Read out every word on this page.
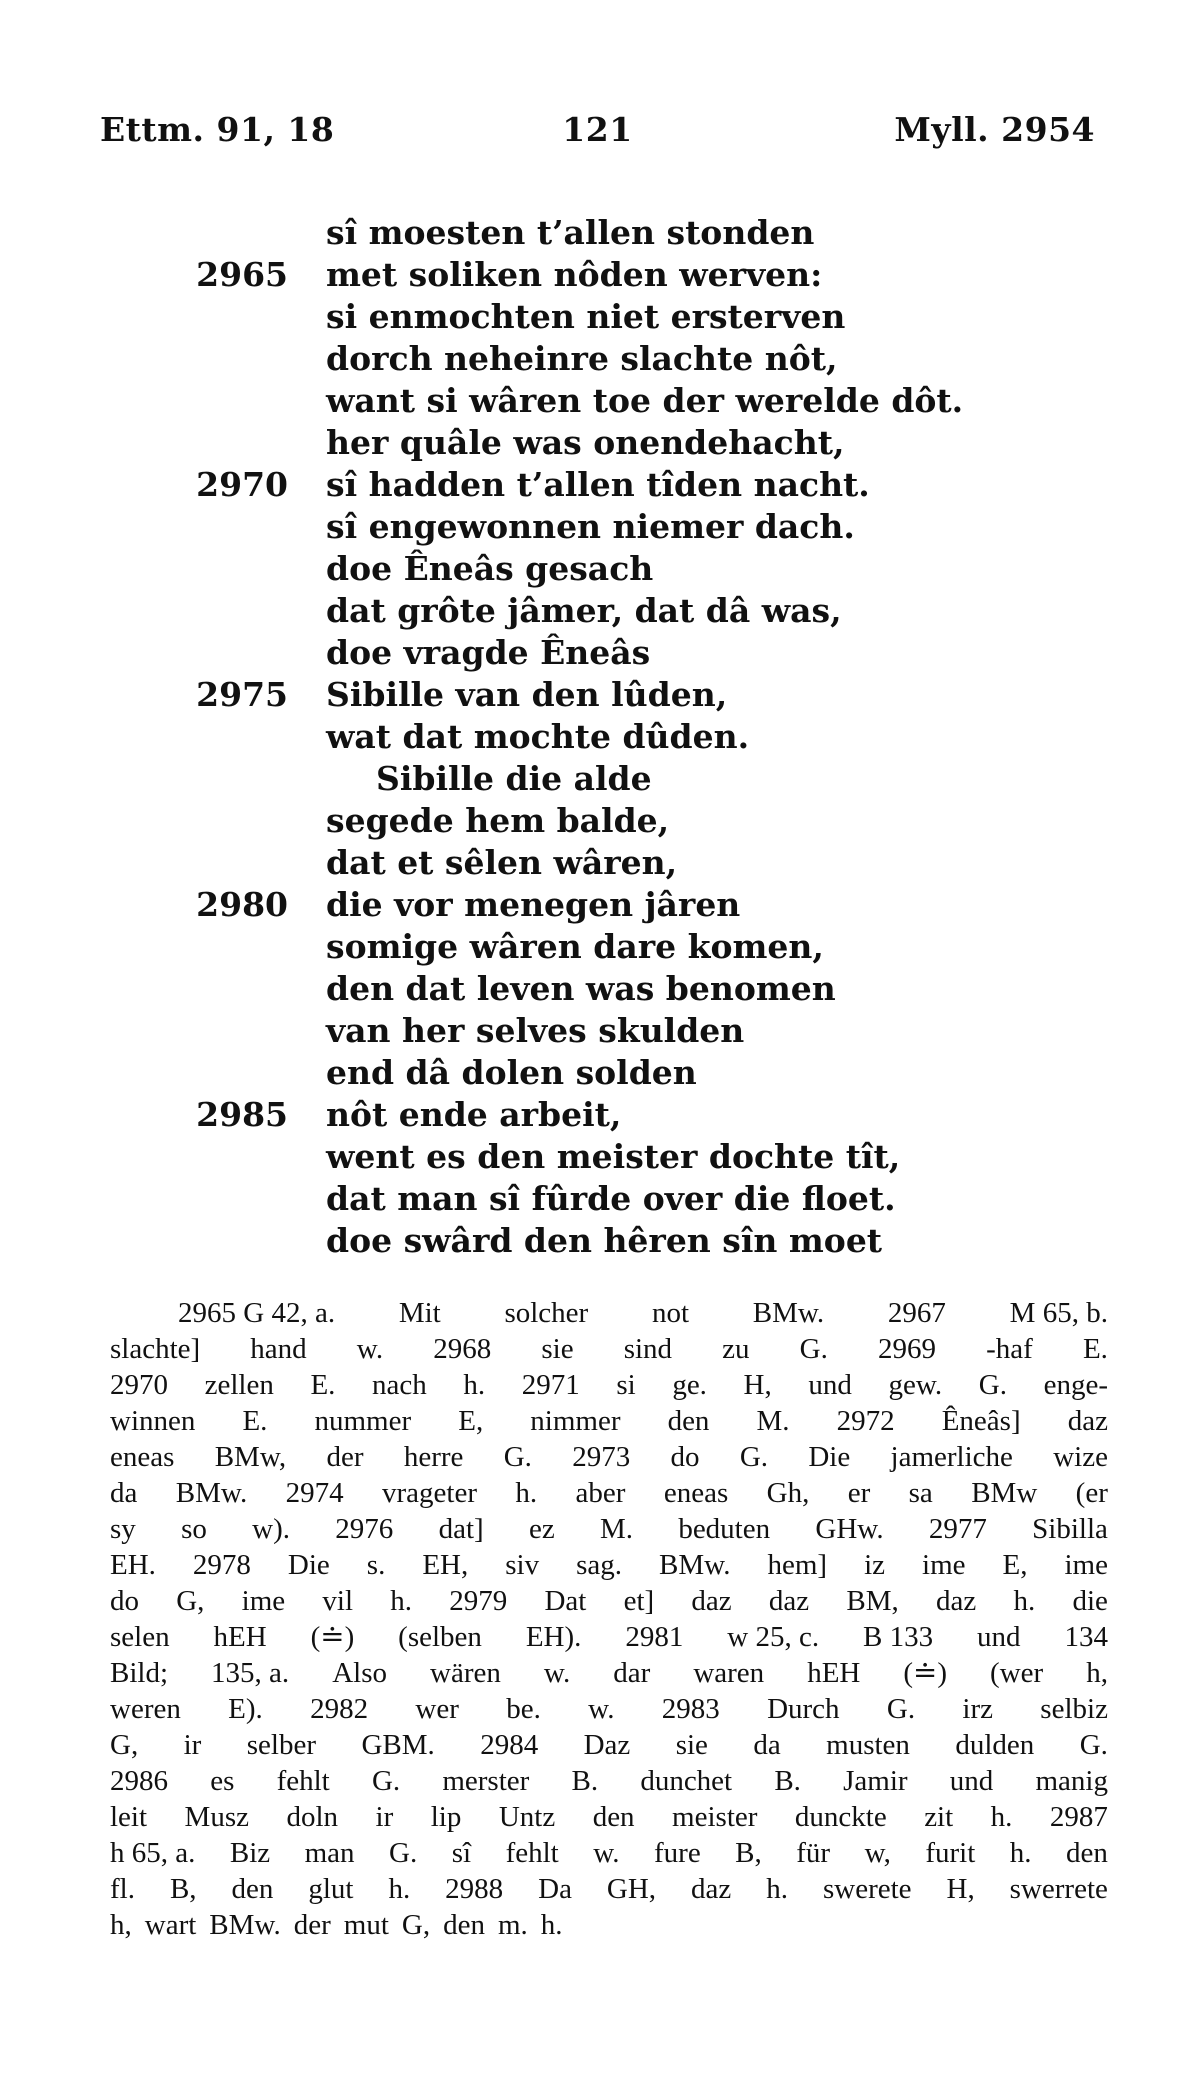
Ettm. 91, 18	121	Myll. 2954
sî moesten t’allen stonden
2965 met soliken nôden werven:
si enmochten niet ersterven
dorch neheinre slachte nôt,
want si wâren toe der werelde dôt.
her quâle was onendehacht,
2970 sî hadden t’allen tîden nacht.
sî engewonnen niemer dach.
doe Êneâs gesach
dat grôte jâmer, dat dâ was,
doe vragde Êneâs
2975 Sibille van den lûden,
wat dat mochte dûden.
Sibille die alde
segede hem balde,
dat et sêlen wâren,
2980 die vor menegen jâren
somige wâren dare komen,
den dat leven was benomen
van her selves skulden
end dâ dolen solden
2985 nôt ende arbeit,
went es den meister dochte tît,
dat man sî fûrde over die floet.
doe swârd den hêren sîn moet
2965 G 42, a. Mit solcher not BMw. 2967 M 65, b.
slachte] hand w. 2968 sie sind zu G. 2969 -haf E.
2970 zellen E. nach h. 2971 si ge. H, und gew. G. enge-
winnen E. nummer E, nimmer den M. 2972 Êneâs] daz
eneas BMw, der herre G. 2973 do G. Die jamerliche wize
da BMw. 2974 vrageter h. aber eneas Gh, er sa BMw (er
sy so w). 2976 dat] ez M. beduten GHw. 2977 Sibilla
EH. 2978 Die s. EH, siv sag. BMw. hem] iz ime E, ime
do G, ime vil h. 2979 Dat et] daz daz BM, daz h. die
selen hEH (≐) (selben EH). 2981 w 25, c. B 133 und 134
Bild; 135, a. Also wären w. dar waren hEH (≐) (wer h,
weren E). 2982 wer be. w. 2983 Durch G. irz selbiz
G, ir selber GBM. 2984 Daz sie da musten dulden G.
2986 es fehlt G. merster B. dunchet B. Jamir und manig
leit Musz doln ir lip Untz den meister dunckte zit h. 2987
h 65, a. Biz man G. sî fehlt w. fure B, für w, furit h. den
fl. B, den glut h. 2988 Da GH, daz h. swerete H, swerrete
h, wart BMw. der mut G, den m. h.
